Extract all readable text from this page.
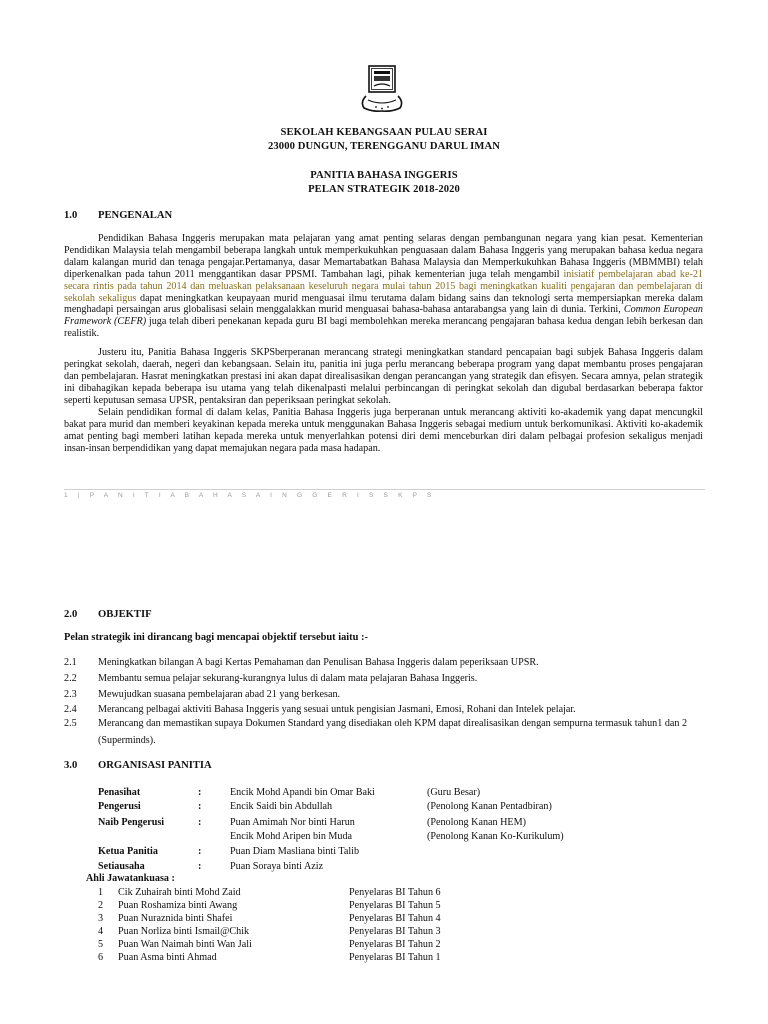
SEKOLAH KEBANGSAAN PULAU SERAI
23000 DUNGUN, TERENGGANU DARUL IMAN
PANITIA BAHASA INGGERIS
PELAN STRATEGIK 2018-2020
1.0 PENGENALAN

Pendidikan Bahasa Inggeris merupakan mata pelajaran yang amat penting selaras dengan pembangunan negara yang kian pesat. Kementerian Pendidikan Malaysia telah mengambil beberapa langkah untuk memperkukuhkan penguasaan dalam Bahasa Inggeris yang merupakan bahasa kedua negara dalam kalangan murid dan tenaga pengajar.Pertamanya, dasar Memartabatkan Bahasa Malaysia dan Memperkukuhkan Bahasa Inggeris (MBMMBI) telah diperkenalkan pada tahun 2011 menggantikan dasar PPSMI. Tambahan lagi, pihak kementerian juga telah mengambil inisiatif pembelajaran abad ke-21 secara rintis pada tahun 2014 dan meluaskan pelaksanaan keseluruh negara mulai tahun 2015 bagi meningkatkan kualiti pengajaran dan pembelajaran di sekolah sekaligus dapat meningkatkan keupayaan murid menguasai ilmu terutama dalam bidang sains dan teknologi serta mempersiapkan mereka dalam menghadapi persaingan arus globalisasi selain menggalakkan murid menguasai bahasa-bahasa antarabangsa yang lain di dunia. Terkini, Common European Framework (CEFR) juga telah diberi penekanan kepada guru BI bagi membolehkan mereka merancang pengajaran bahasa kedua dengan lebih berkesan dan realistik.

Justeru itu, Panitia Bahasa Inggeris SKPSberperanan merancang strategi meningkatkan standard pencapaian bagi subjek Bahasa Inggeris dalam peringkat sekolah, daerah, negeri dan kebangsaan. Selain itu, panitia ini juga perlu merancang beberapa program yang dapat membantu proses pengajaran dan pembelajaran. Hasrat meningkatkan prestasi ini akan dapat direalisasikan dengan perancangan yang strategik dan efisyen. Secara amnya, pelan strategik ini dibahagikan kepada beberapa isu utama yang telah dikenalpasti melalui perbincangan di peringkat sekolah dan digubal berdasarkan beberapa faktor seperti keputusan semasa UPSR, pentaksiran dan peperiksaan peringkat sekolah.

Selain pendidikan formal di dalam kelas, Panitia Bahasa Inggeris juga berperanan untuk merancang aktiviti ko-akademik yang dapat mencungkil bakat para murid dan memberi keyakinan kepada mereka untuk menggunakan Bahasa Inggeris sebagai medium untuk berkomunikasi. Aktiviti ko-akademik amat penting bagi memberi latihan kepada mereka untuk menyerlahkan potensi diri demi menceburkan diri dalam pelbagai profesion sekaligus menjadi insan-insan berpendidikan yang dapat memajukan negara pada masa hadapan.

1 | P A N I T I A B A H A S A I N G G E R I S S K P S
2.0 OBJEKTIF
Pelan strategik ini dirancang bagi mencapai objektif tersebut iaitu :-
2.1 Meningkatkan bilangan A bagi Kertas Pemahaman dan Penulisan Bahasa Inggeris dalam peperiksaan UPSR.
2.2 Membantu semua pelajar sekurang-kurangnya lulus di dalam mata pelajaran Bahasa Inggeris.
2.3 Mewujudkan suasana pembelajaran abad 21 yang berkesan.
2.4 Merancang pelbagai aktiviti Bahasa Inggeris yang sesuai untuk pengisian Jasmani, Emosi, Rohani dan Intelek pelajar.
2.5 Merancang dan memastikan supaya Dokumen Standard yang disediakan oleh KPM dapat direalisasikan dengan sempurna termasuk tahun1 dan 2 (Superminds).
3.0 ORGANISASI PANITIA
Penasihat	:	Encik Mohd Apandi bin Omar Baki	(Guru Besar)
Pengerusi	:	Encik Saidi bin Abdullah	(Penolong Kanan Pentadbiran)
Naib Pengerusi	:	Puan Amimah Nor binti Harun	(Penolong Kanan HEM)
Encik Mohd Aripen bin Muda	(Penolong Kanan Ko-Kurikulum)
Ketua Panitia	:	Puan Diam Masliana binti Talib
Setiausaha	:	Puan Soraya binti Aziz
Ahli Jawatankuasa :
1 Cik Zuhairah binti Mohd Zaid	Penyelaras BI Tahun 6
2 Puan Roshamiza binti Awang	Penyelaras BI Tahun 5
3 Puan Nuraznida binti Shafei	Penyelaras BI Tahun 4
4 Puan Norliza binti Ismail@Chik	Penyelaras BI Tahun 3
5 Puan Wan Naimah binti Wan Jali	Penyelaras BI Tahun 2
6 Puan Asma binti Ahmad	Penyelaras BI Tahun 1
